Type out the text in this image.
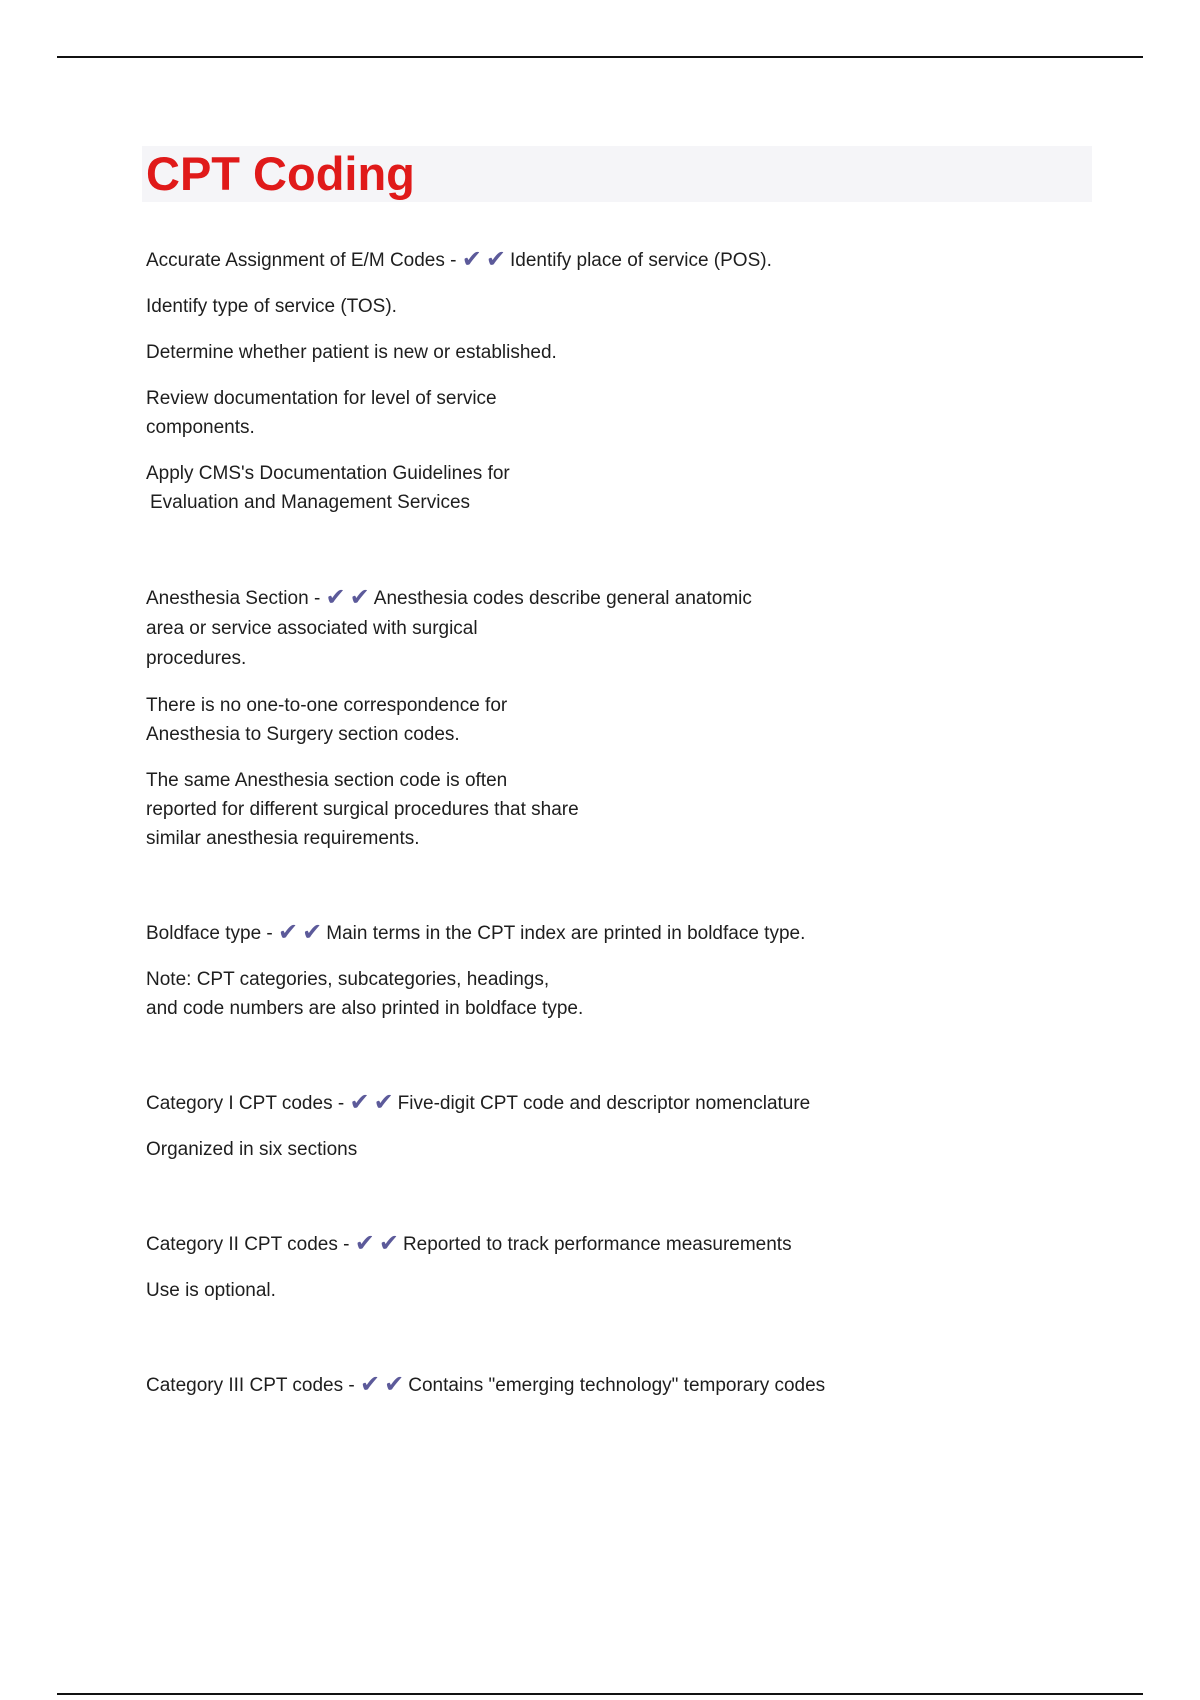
CPT Coding

Accurate Assignment of E/M Codes - ✔✔Identify place of service (POS).

Identify type of service (TOS).

Determine whether patient is new or established.

Review documentation for level of service components.

Apply CMS's Documentation Guidelines for

Evaluation and Management Services

Anesthesia Section - ✔✔Anesthesia codes describe general anatomic

area or service associated with surgical procedures.

There is no one-to-one correspondence for Anesthesia to Surgery section codes.

The same Anesthesia section code is often reported for different surgical procedures that share similar anesthesia requirements.

Boldface type - ✔✔Main terms in the CPT index are printed in boldface type.

Note: CPT categories, subcategories, headings, and code numbers are also printed in boldface type.

Category I CPT codes - ✔✔Five-digit CPT code and descriptor nomenclature

Organized in six sections

Category II CPT codes - ✔✔Reported to track performance measurements

Use is optional.

Category III CPT codes - ✔✔Contains "emerging technology" temporary codes
